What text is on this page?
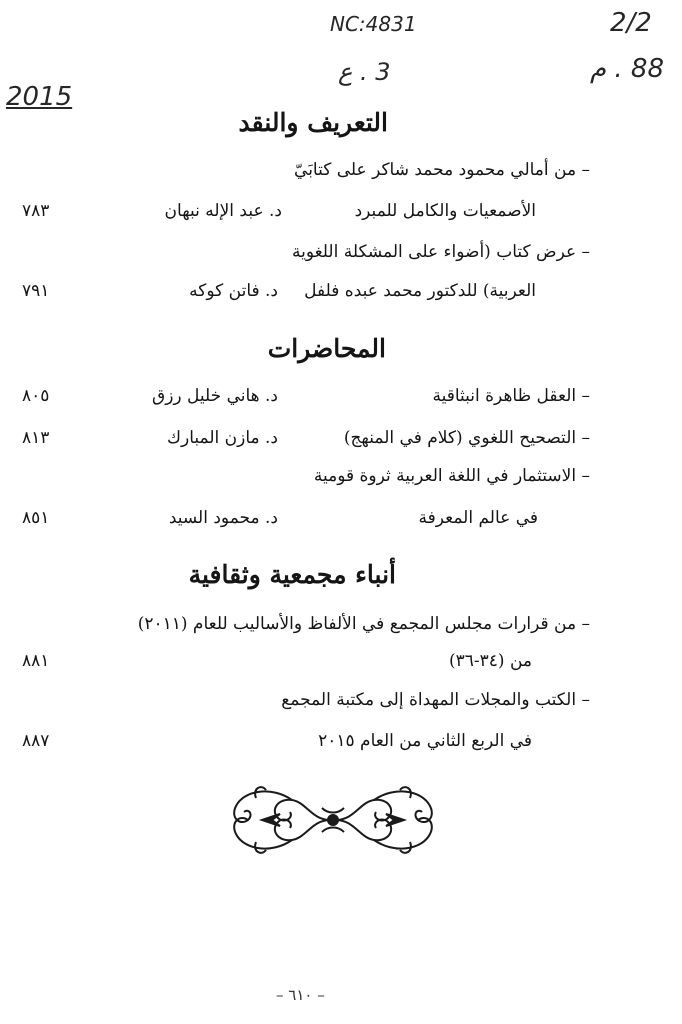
NC:4831	2/2
3 . ع	88 . م
2015
التعريف والنقد
– من أمالي محمود محمد شاكر على كتابَيّ
الأصمعيات والكامل للمبرد
د. عبد الإله نبهان
٧٨٣
– عرض كتاب (أضواء على المشكلة اللغوية
العربية) للدكتور محمد عبده فلفل
د. فاتن كوكه
٧٩١
المحاضرات
– العقل ظاهرة انبثاقية
د. هاني خليل رزق
٨٠٥
– التصحيح اللغوي (كلام في المنهج)
د. مازن المبارك
٨١٣
– الاستثمار في اللغة العربية ثروة قومية
في عالم المعرفة
د. محمود السيد
٨٥١
أنباء مجمعية وثقافية
– من قرارات مجلس المجمع في الألفاظ والأساليب للعام (٢٠١١)
من (٣٤-٣٦)
٨٨١
– الكتب والمجلات المهداة إلى مكتبة المجمع
في الربع الثاني من العام ٢٠١٥
٨٨٧
– ٦١٠ –
